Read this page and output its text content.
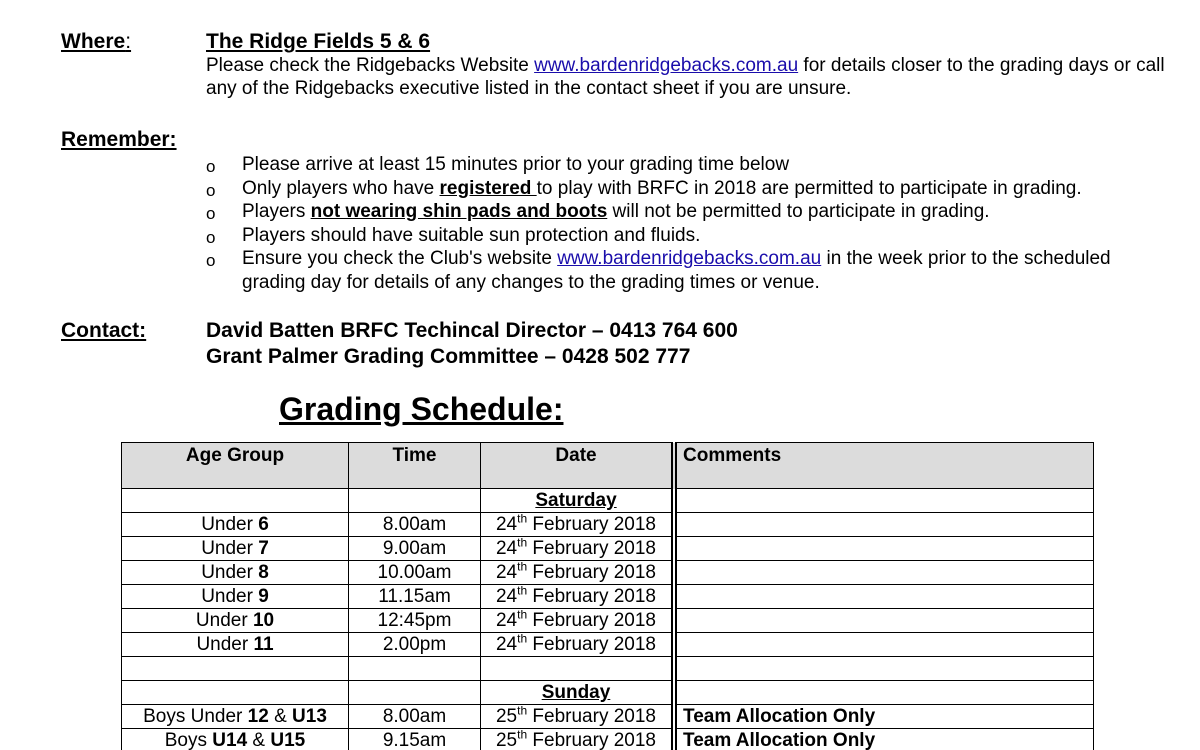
Where:	The Ridge Fields 5 & 6
Please check the Ridgebacks Website www.bardenridgebacks.com.au for details closer to the grading days or call any of the Ridgebacks executive listed in the contact sheet if you are unsure.
Remember:
o Please arrive at least 15 minutes prior to your grading time below
o Only players who have registered to play with BRFC in 2018 are permitted to participate in grading.
o Players not wearing shin pads and boots will not be permitted to participate in grading.
o Players should have suitable sun protection and fluids.
o Ensure you check the Club's website www.bardenridgebacks.com.au in the week prior to the scheduled grading day for details of any changes to the grading times or venue.
Contact:	David Batten BRFC Techincal Director – 0413 764 600
Grant Palmer Grading Committee – 0428 502 777
Grading Schedule:
Age Group	Time	Date	Comments
		Saturday	
Under 6	8.00am	24th February 2018	
Under 7	9.00am	24th February 2018	
Under 8	10.00am	24th February 2018	
Under 9	11.15am	24th February 2018	
Under 10	12:45pm	24th February 2018	
Under 11	2.00pm	24th February 2018	

		Sunday	
Boys Under 12 & U13	8.00am	25th February 2018	Team Allocation Only
Boys U14 & U15	9.15am	25th February 2018	Team Allocation Only
